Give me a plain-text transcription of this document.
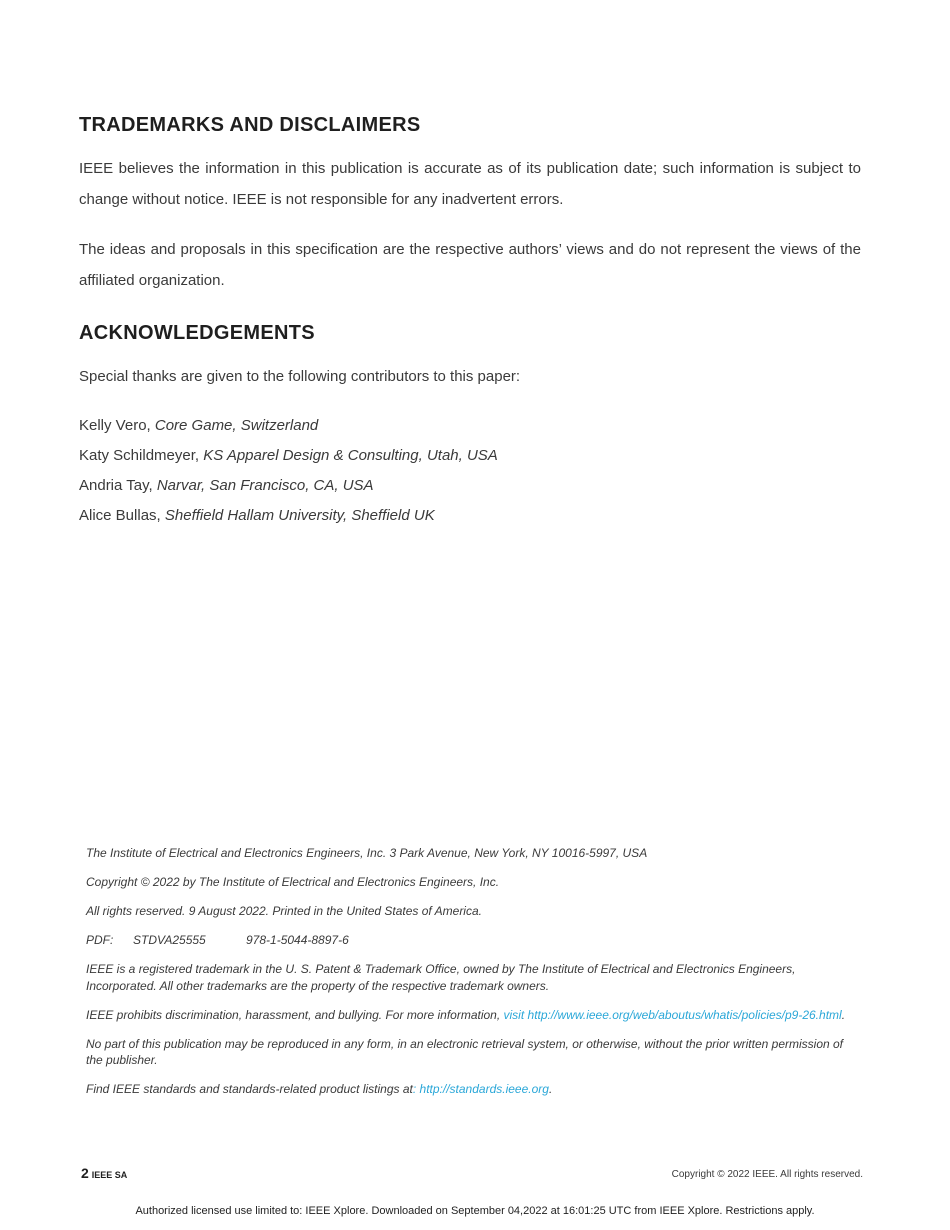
TRADEMARKS AND DISCLAIMERS

IEEE believes the information in this publication is accurate as of its publication date; such information is subject to change without notice. IEEE is not responsible for any inadvertent errors.

The ideas and proposals in this specification are the respective authors’ views and do not represent the views of the affiliated organization.

ACKNOWLEDGEMENTS

Special thanks are given to the following contributors to this paper:

Kelly Vero, Core Game, Switzerland
Katy Schildmeyer, KS Apparel Design & Consulting, Utah, USA
Andria Tay, Narvar, San Francisco, CA, USA
Alice Bullas, Sheffield Hallam University, Sheffield UK

The Institute of Electrical and Electronics Engineers, Inc. 3 Park Avenue, New York, NY 10016-5997, USA

Copyright © 2022 by The Institute of Electrical and Electronics Engineers, Inc.

All rights reserved. 9 August 2022. Printed in the United States of America.

PDF: STDVA25555	978-1-5044-8897-6

IEEE is a registered trademark in the U. S. Patent & Trademark Office, owned by The Institute of Electrical and Electronics Engineers, Incorporated. All other trademarks are the property of the respective trademark owners.

IEEE prohibits discrimination, harassment, and bullying. For more information, visit http://www.ieee.org/web/aboutus/whatis/policies/p9-26.html.

No part of this publication may be reproduced in any form, in an electronic retrieval system, or otherwise, without the prior written permission of the publisher.

Find IEEE standards and standards-related product listings at: http://standards.ieee.org.

2 IEEE SA	Copyright © 2022 IEEE. All rights reserved.
Authorized licensed use limited to: IEEE Xplore. Downloaded on September 04,2022 at 16:01:25 UTC from IEEE Xplore. Restrictions apply.
